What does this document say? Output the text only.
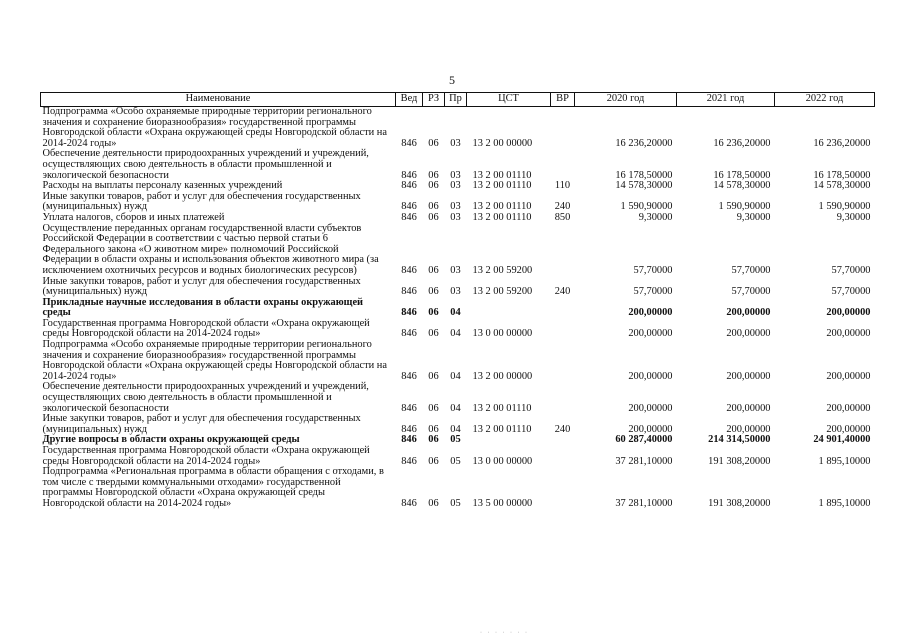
5
Наименование	Вед	РЗ	Пр	ЦСТ	ВР	2020 год	2021 год	2022 год
Подпрограмма «Особо охраняемые природные территории регионального значения и сохранение биоразнообразия» государственной программы Новгородской области «Охрана окружающей среды Новгородской области на 2014-2024 годы»	846	06	03	13 2 00 00000		16 236,20000	16 236,20000	16 236,20000
Обеспечение деятельности природоохранных учреждений и учреждений, осуществляющих свою деятельность в области промышленной и экологической безопасности	846	06	03	13 2 00 01110		16 178,50000	16 178,50000	16 178,50000
Расходы на выплаты персоналу казенных учреждений	846	06	03	13 2 00 01110	110	14 578,30000	14 578,30000	14 578,30000
Иные закупки товаров, работ и услуг для обеспечения государственных (муниципальных) нужд	846	06	03	13 2 00 01110	240	1 590,90000	1 590,90000	1 590,90000
Уплата налогов, сборов и иных платежей	846	06	03	13 2 00 01110	850	9,30000	9,30000	9,30000
Осуществление переданных органам государственной власти субъектов Российской Федерации в соответствии с частью первой статьи 6 Федерального закона «О животном мире» полномочий Российской Федерации в области охраны и использования объектов животного мира (за исключением охотничьих ресурсов и водных биологических ресурсов)	846	06	03	13 2 00 59200		57,70000	57,70000	57,70000
Иные закупки товаров, работ и услуг для обеспечения государственных (муниципальных) нужд	846	06	03	13 2 00 59200	240	57,70000	57,70000	57,70000
Прикладные научные исследования в области охраны окружающей среды	846	06	04			200,00000	200,00000	200,00000
Государственная программа Новгородской области «Охрана окружающей среды Новгородской области на 2014-2024 годы»	846	06	04	13 0 00 00000		200,00000	200,00000	200,00000
Подпрограмма «Особо охраняемые природные территории регионального значения и сохранение биоразнообразия» государственной программы Новгородской области «Охрана окружающей среды Новгородской области на 2014-2024 годы»	846	06	04	13 2 00 00000		200,00000	200,00000	200,00000
Обеспечение деятельности природоохранных учреждений и учреждений, осуществляющих свою деятельность в области промышленной и экологической безопасности	846	06	04	13 2 00 01110		200,00000	200,00000	200,00000
Иные закупки товаров, работ и услуг для обеспечения государственных (муниципальных) нужд	846	06	04	13 2 00 01110	240	200,00000	200,00000	200,00000
Другие вопросы в области охраны окружающей среды	846	06	05			60 287,40000	214 314,50000	24 901,40000
Государственная программа Новгородской области «Охрана окружающей среды Новгородской области на 2014-2024 годы»	846	06	05	13 0 00 00000		37 281,10000	191 308,20000	1 895,10000
Подпрограмма «Региональная программа в области обращения с отходами, в том числе с твердыми коммунальными отходами» государственной программы Новгородской области «Охрана окружающей среды Новгородской области на 2014-2024 годы»	846	06	05	13 5 00 00000		37 281,10000	191 308,20000	1 895,10000
· · · · · · ·
